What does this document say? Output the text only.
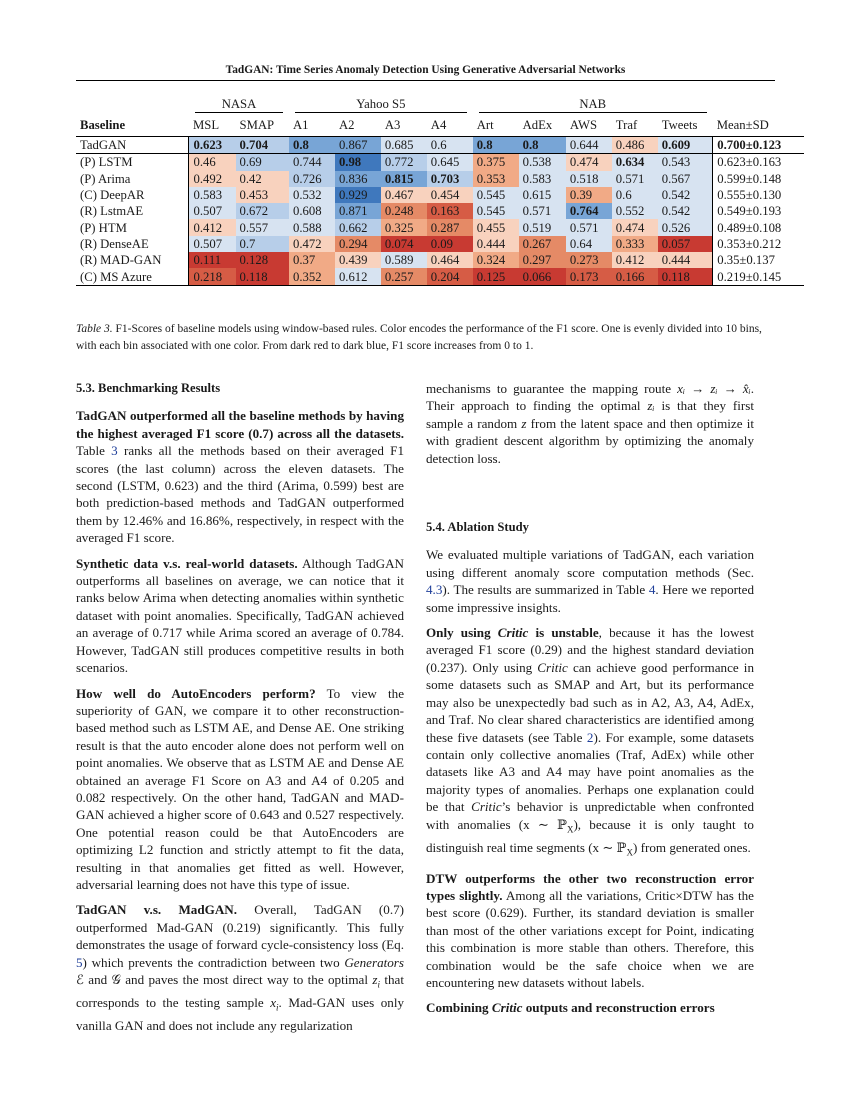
TadGAN: Time Series Anomaly Detection Using Generative Adversarial Networks

	NASA		Yahoo S5				NAB					

Baseline	MSL	SMAP	A1	A2	A3	A4	Art	AdEx	AWS	Traf	Tweets	Mean±SD
TadGAN	0.623	0.704	0.8	0.867	0.685	0.6	0.8	0.8	0.644	0.486	0.609	0.700±0.123
(P) LSTM	0.46	0.69	0.744	0.98	0.772	0.645	0.375	0.538	0.474	0.634	0.543	0.623±0.163
(P) Arima	0.492	0.42	0.726	0.836	0.815	0.703	0.353	0.583	0.518	0.571	0.567	0.599±0.148
(C) DeepAR	0.583	0.453	0.532	0.929	0.467	0.454	0.545	0.615	0.39	0.6	0.542	0.555±0.130
(R) LstmAE	0.507	0.672	0.608	0.871	0.248	0.163	0.545	0.571	0.764	0.552	0.542	0.549±0.193
(P) HTM	0.412	0.557	0.588	0.662	0.325	0.287	0.455	0.519	0.571	0.474	0.526	0.489±0.108
(R) DenseAE	0.507	0.7	0.472	0.294	0.074	0.09	0.444	0.267	0.64	0.333	0.057	0.353±0.212
(R) MAD-GAN	0.111	0.128	0.37	0.439	0.589	0.464	0.324	0.297	0.273	0.412	0.444	0.35±0.137
(C) MS Azure	0.218	0.118	0.352	0.612	0.257	0.204	0.125	0.066	0.173	0.166	0.118	0.219±0.145
Table 3. F1-Scores of baseline models using window-based rules. Color encodes the performance of the F1 score. One is evenly divided into 10 bins, with each bin associated with one color. From dark red to dark blue, F1 score increases from 0 to 1.
5.3. Benchmarking Results

TadGAN outperformed all the baseline methods by having the highest averaged F1 score (0.7) across all the datasets. Table 3 ranks all the methods based on their averaged F1 scores (the last column) across the eleven datasets. The second (LSTM, 0.623) and the third (Arima, 0.599) best are both prediction-based methods and TadGAN outperformed them by 12.46% and 16.86%, respectively, in respect with the averaged F1 score.

Synthetic data v.s. real-world datasets. Although TadGAN outperforms all baselines on average, we can notice that it ranks below Arima when detecting anomalies within synthetic dataset with point anomalies. Specifically, TadGAN achieved an average of 0.717 while Arima scored an average of 0.784. However, TadGAN still produces competitive results in both scenarios.

How well do AutoEncoders perform? To view the superiority of GAN, we compare it to other reconstruction-based method such as LSTM AE, and Dense AE. One striking result is that the auto encoder alone does not perform well on point anomalies. We observe that as LSTM AE and Dense AE obtained an average F1 Score on A3 and A4 of 0.205 and 0.082 respectively. On the other hand, TadGAN and MAD-GAN achieved a higher score of 0.643 and 0.527 respectively. One potential reason could be that AutoEncoders are optimizing L2 function and strictly attempt to fit the data, resulting in that anomalies get fitted as well. However, adversarial learning does not have this type of issue.

TadGAN v.s. MadGAN. Overall, TadGAN (0.7) outperformed Mad-GAN (0.219) significantly. This fully demonstrates the usage of forward cycle-consistency loss (Eq. 5) which prevents the contradiction between two Generators ℰ and 𝒢 and paves the most direct way to the optimal $z_i$ that corresponds to the testing sample $x_i$. Mad-GAN uses only vanilla GAN and does not include any regularization

mechanisms to guarantee the mapping route xᵢ → zᵢ → x̂ᵢ. Their approach to finding the optimal zᵢ is that they first sample a random z from the latent space and then optimize it with gradient descent algorithm by optimizing the anomaly detection loss.

5.4. Ablation Study

We evaluated multiple variations of TadGAN, each variation using different anomaly score computation methods (Sec. 4.3). The results are summarized in Table 4. Here we reported some impressive insights.

Only using Critic is unstable, because it has the lowest averaged F1 score (0.29) and the highest standard deviation (0.237). Only using Critic can achieve good performance in some datasets such as SMAP and Art, but its performance may also be unexpectedly bad such as in A2, A3, A4, AdEx, and Traf. No clear shared characteristics are identified among these five datasets (see Table 2). For example, some datasets contain only collective anomalies (Traf, AdEx) while other datasets like A3 and A4 may have point anomalies as the majority types of anomalies. Perhaps one explanation could be that Critic’s behavior is unpredictable when confronted with anomalies (x ∼ ℙ$_X$), because it is only taught to distinguish real time segments (x ∼ ℙ$_X$) from generated ones.

DTW outperforms the other two reconstruction error types slightly. Among all the variations, Critic×DTW has the best score (0.629). Further, its standard deviation is smaller than most of the other variations except for Point, indicating this combination is more stable than others. Therefore, this combination would be the safe choice when we are encountering new datasets without labels.

Combining Critic outputs and reconstruction errors
